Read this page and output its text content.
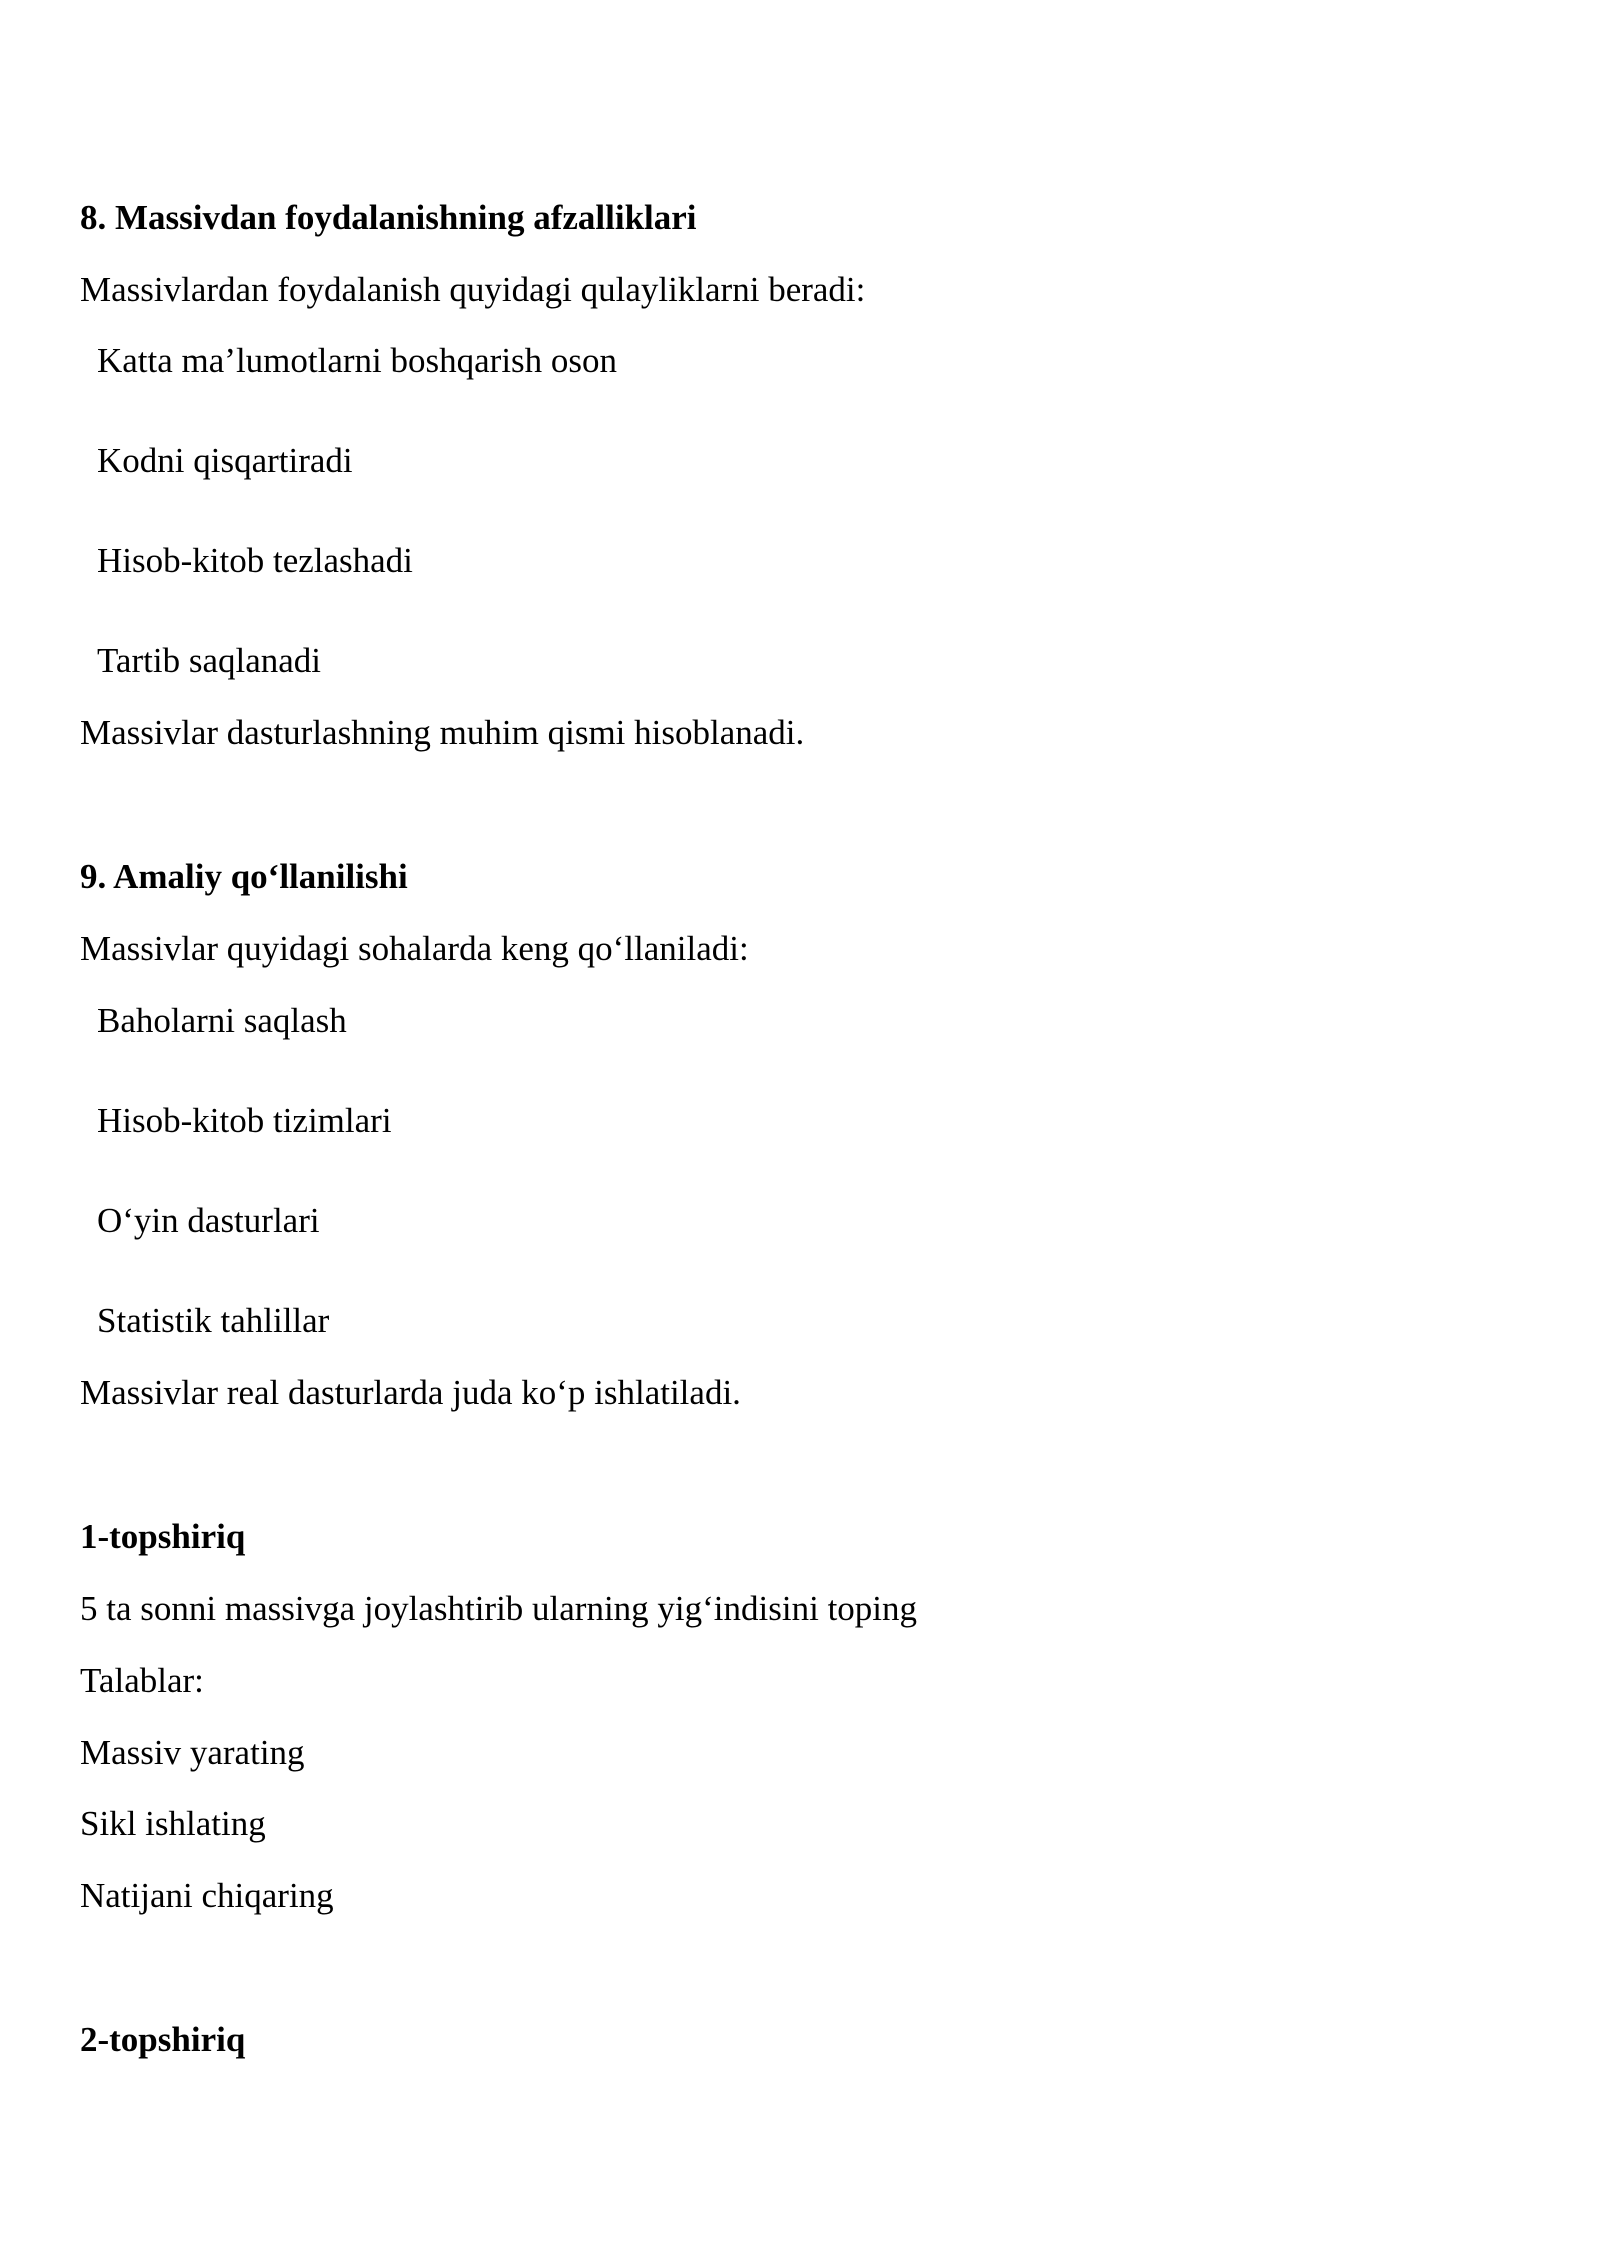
8. Massivdan foydalanishning afzalliklari
Massivlardan foydalanish quyidagi qulayliklarni beradi:
Katta ma’lumotlarni boshqarish oson
Kodni qisqartiradi
Hisob-kitob tezlashadi
Tartib saqlanadi
Massivlar dasturlashning muhim qismi hisoblanadi.
9. Amaliy qo‘llanilishi
Massivlar quyidagi sohalarda keng qo‘llaniladi:
Baholarni saqlash
Hisob-kitob tizimlari
O‘yin dasturlari
Statistik tahlillar
Massivlar real dasturlarda juda ko‘p ishlatiladi.
1-topshiriq
5 ta sonni massivga joylashtirib ularning yig‘indisini toping
Talablar:
Massiv yarating
Sikl ishlating
Natijani chiqaring
2-topshiriq
